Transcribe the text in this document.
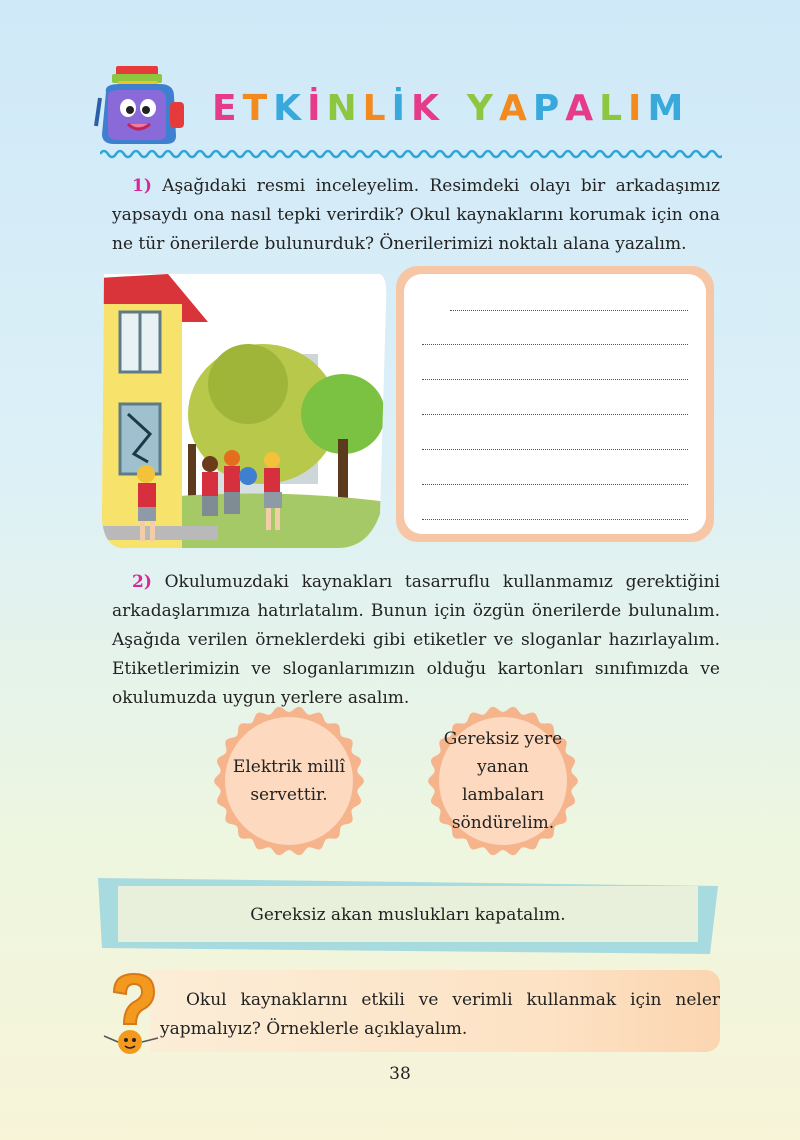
ETKİNLİK YAPALIM
1) Aşağıdaki resmi inceleyelim. Resimdeki olayı bir arkadaşımız yapsaydı ona nasıl tepki verirdik? Okul kaynaklarını korumak için ona ne tür önerilerde bulunurduk? Önerilerimizi noktalı alana yazalım.
2) Okulumuzdaki kaynakları tasarruflu kullanmamız gerektiğini arkadaşlarımıza hatırlatalım. Bunun için özgün önerilerde bulunalım. Aşağıda verilen örneklerdeki gibi etiketler ve sloganlar hazırlayalım. Etiketlerimizin ve sloganlarımızın olduğu kartonları sınıfımızda ve okulumuzda uygun yerlere asalım.
Elektrik millî servettir.
Gereksiz yere yanan lambaları söndürelim.
Gereksiz akan muslukları kapatalım.
Okul kaynaklarını etkili ve verimli kullanmak için neler yapmalıyız? Örneklerle açıklayalım.
38
